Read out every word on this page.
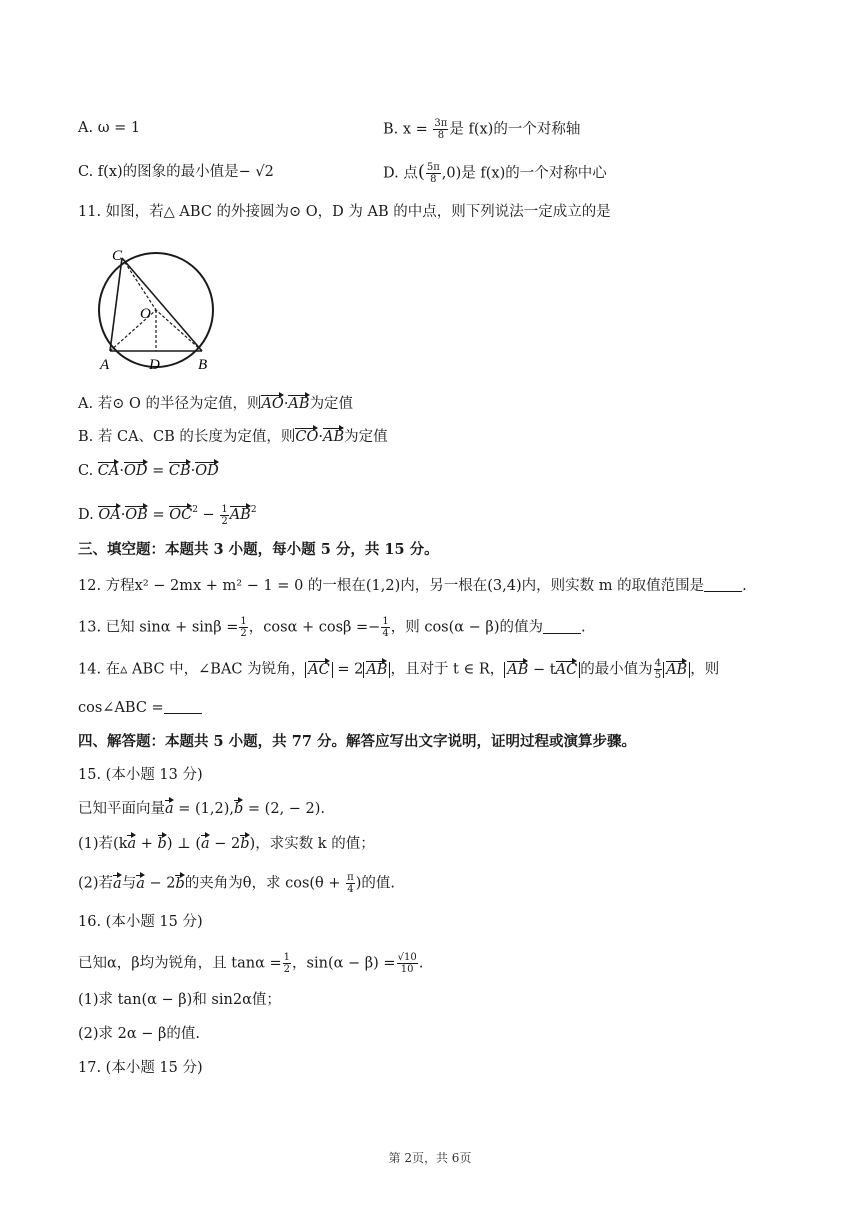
A. ω = 1	B. $x = \frac{3\pi}{8}$ 是 f(x)的一个对称轴
C. f(x)的图象的最小值是− √2	D. 点( $\frac{5\pi}{8} ,0$)是 f(x)的一个对称中心
11. 如图，若△ ABC 的外接圆为⊙ O，D 为 AB 的中点，则下列说法一定成立的是
C
O
A	D	B
A. 若⊙ O 的半径为定值，则AO·AB为定值
B. 若 CA、CB 的长度为定值，则CO·AB为定值
C. CA·OD = CB·OD
D. $OA\cdot OB = OC^2 - \frac{1}{2} AB^2$
三、填空题：本题共 3 小题，每小题 5 分，共 15 分。
12. 方程x² − 2mx + m² − 1 = 0 的一根在(1,2)内，另一根在(3,4)内，则实数 m 的取值范围是	.
13. 已知 $\sin\alpha + \sin\beta = \frac{1}{2}$ ，$\cos\alpha + \cos\beta =- \frac{1}{4}$ ，则 cos(α − β)的值为	.
14. 在▵ ABC 中，∠BAC 为锐角， AC = 2 AB ，且对于 t ∈ R， AB − tAC 的最小值为 $\frac{4}{5}$ AB ，则
cos∠ABC =
四、解答题：本题共 5 小题，共 77 分。解答应写出文字说明，证明过程或演算步骤。
15. (本小题 13 分)
已知平面向量a = (1,2),b = (2, − 2).
(1)若(ka + b) ⊥ (a − 2b)，求实数 k 的值；
(2)若a与a − 2b的夹角为θ，求 $\cos(\theta + \frac{\pi}{4}$ )的值.
16. (本小题 15 分)
已知α，β均为锐角，且 $\tan\alpha = \frac{1}{2}$ ，$\sin(\alpha - \beta) = \frac{√10}{10}$ .
(1)求 tan(α − β)和 sin2α值；
(2)求 2α − β的值.
17. (本小题 15 分)
第 2页，共 6页
